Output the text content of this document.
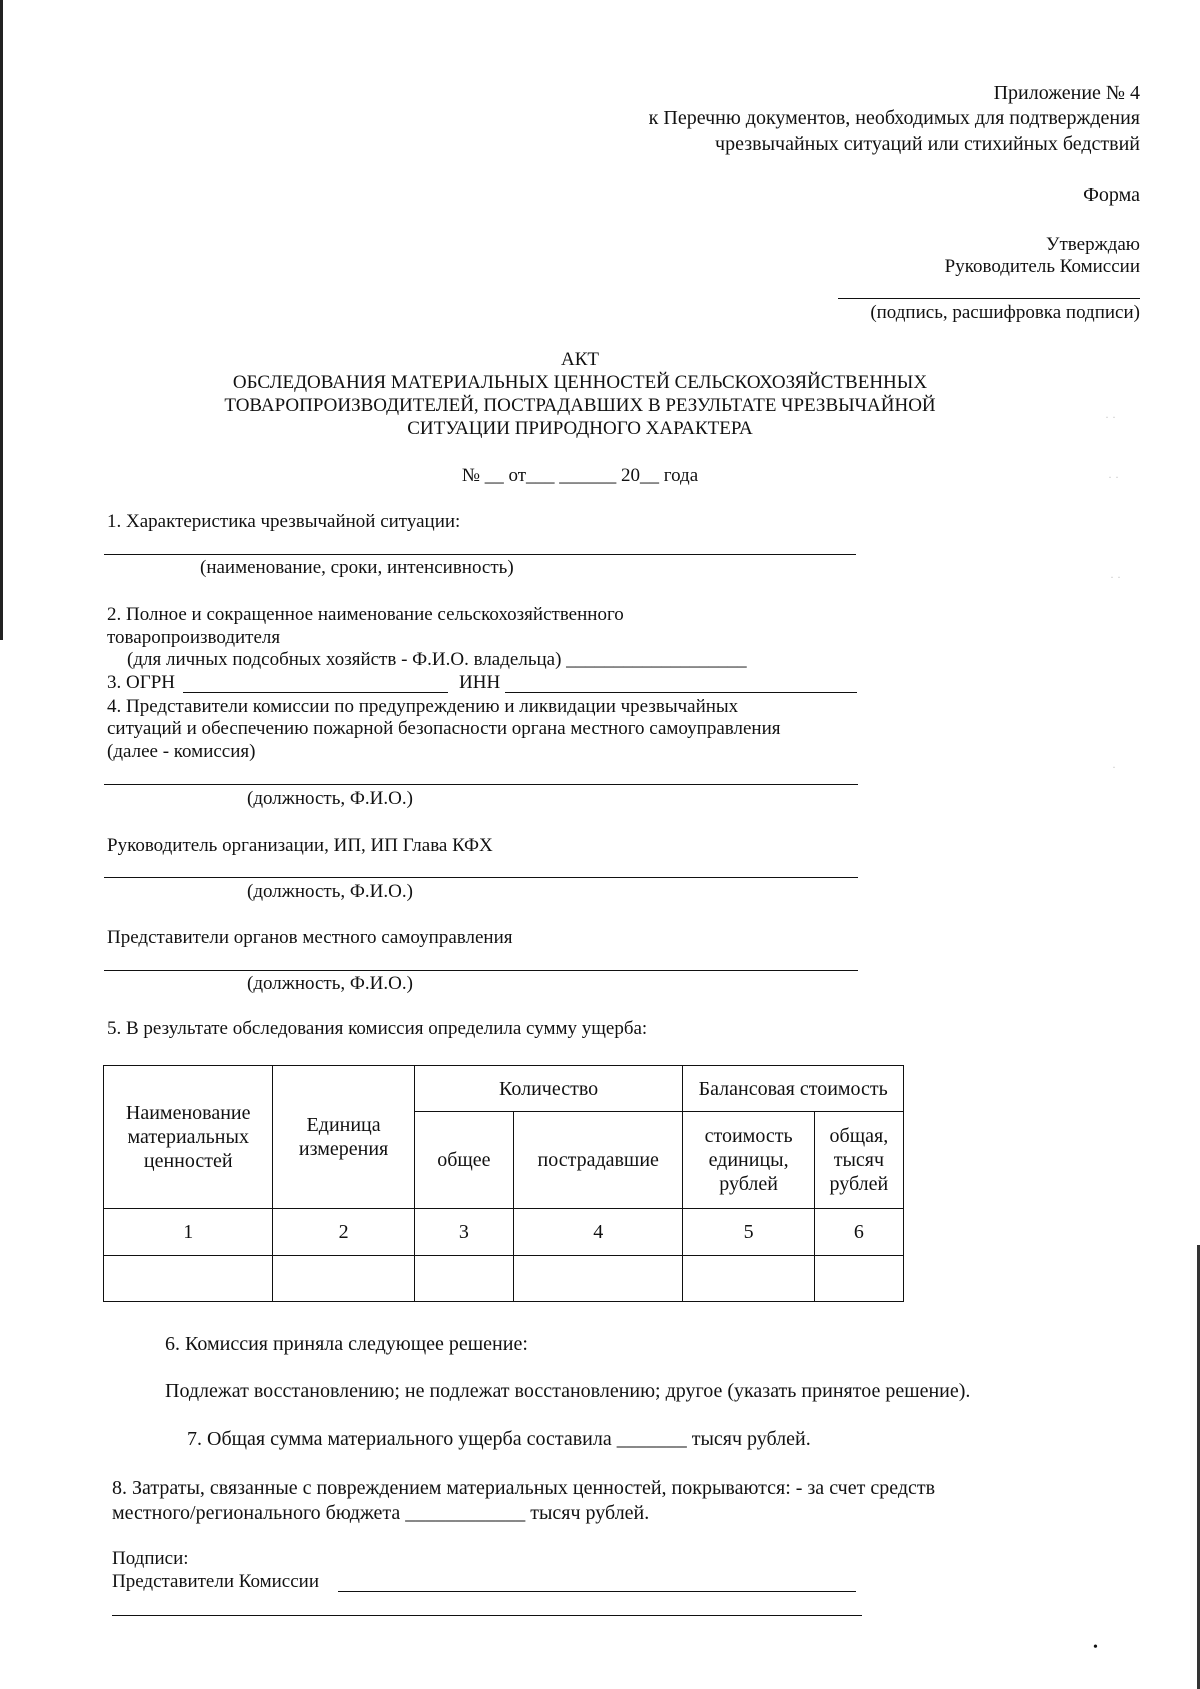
· ·
· ·
· ·
·
Приложение № 4
к Перечню документов, необходимых для подтверждения
чрезвычайных ситуаций или стихийных бедствий
Форма
Утверждаю
Руководитель Комиссии
(подпись, расшифровка подписи)
АКТ
ОБСЛЕДОВАНИЯ МАТЕРИАЛЬНЫХ ЦЕННОСТЕЙ СЕЛЬСКОХОЗЯЙСТВЕННЫХ
ТОВАРОПРОИЗВОДИТЕЛЕЙ, ПОСТРАДАВШИХ В РЕЗУЛЬТАТЕ ЧРЕЗВЫЧАЙНОЙ
СИТУАЦИИ ПРИРОДНОГО ХАРАКТЕРА
№ __ от___ ______ 20__ года
1. Характеристика чрезвычайной ситуации:
(наименование, сроки, интенсивность)
2. Полное и сокращенное наименование сельскохозяйственного
товаропроизводителя
(для личных подсобных хозяйств - Ф.И.О. владельца) ___________________
3. ОГРН	ИНН
4. Представители комиссии по предупреждению и ликвидации чрезвычайных
ситуаций и обеспечению пожарной безопасности органа местного самоуправления
(далее - комиссия)
(должность, Ф.И.О.)
Руководитель организации, ИП, ИП Глава КФХ
(должность, Ф.И.О.)
Представители органов местного самоуправления
(должность, Ф.И.О.)
5. В результате обследования комиссия определила сумму ущерба:
Наименование материальных ценностей	Единица измерения	Количество		Балансовая стоимость	
		общее	пострадавшие	стоимость единицы, рублей	общая, тысяч рублей
1	2	3	4	5	6

6. Комиссия приняла следующее решение:
Подлежат восстановлению; не подлежат восстановлению; другое (указать принятое решение).
7. Общая сумма материального ущерба составила _______ тысяч рублей.
8. Затраты, связанные с повреждением материальных ценностей, покрываются: - за счет средств
местного/регионального бюджета ____________ тысяч рублей.
Подписи:
Представители Комиссии
•
